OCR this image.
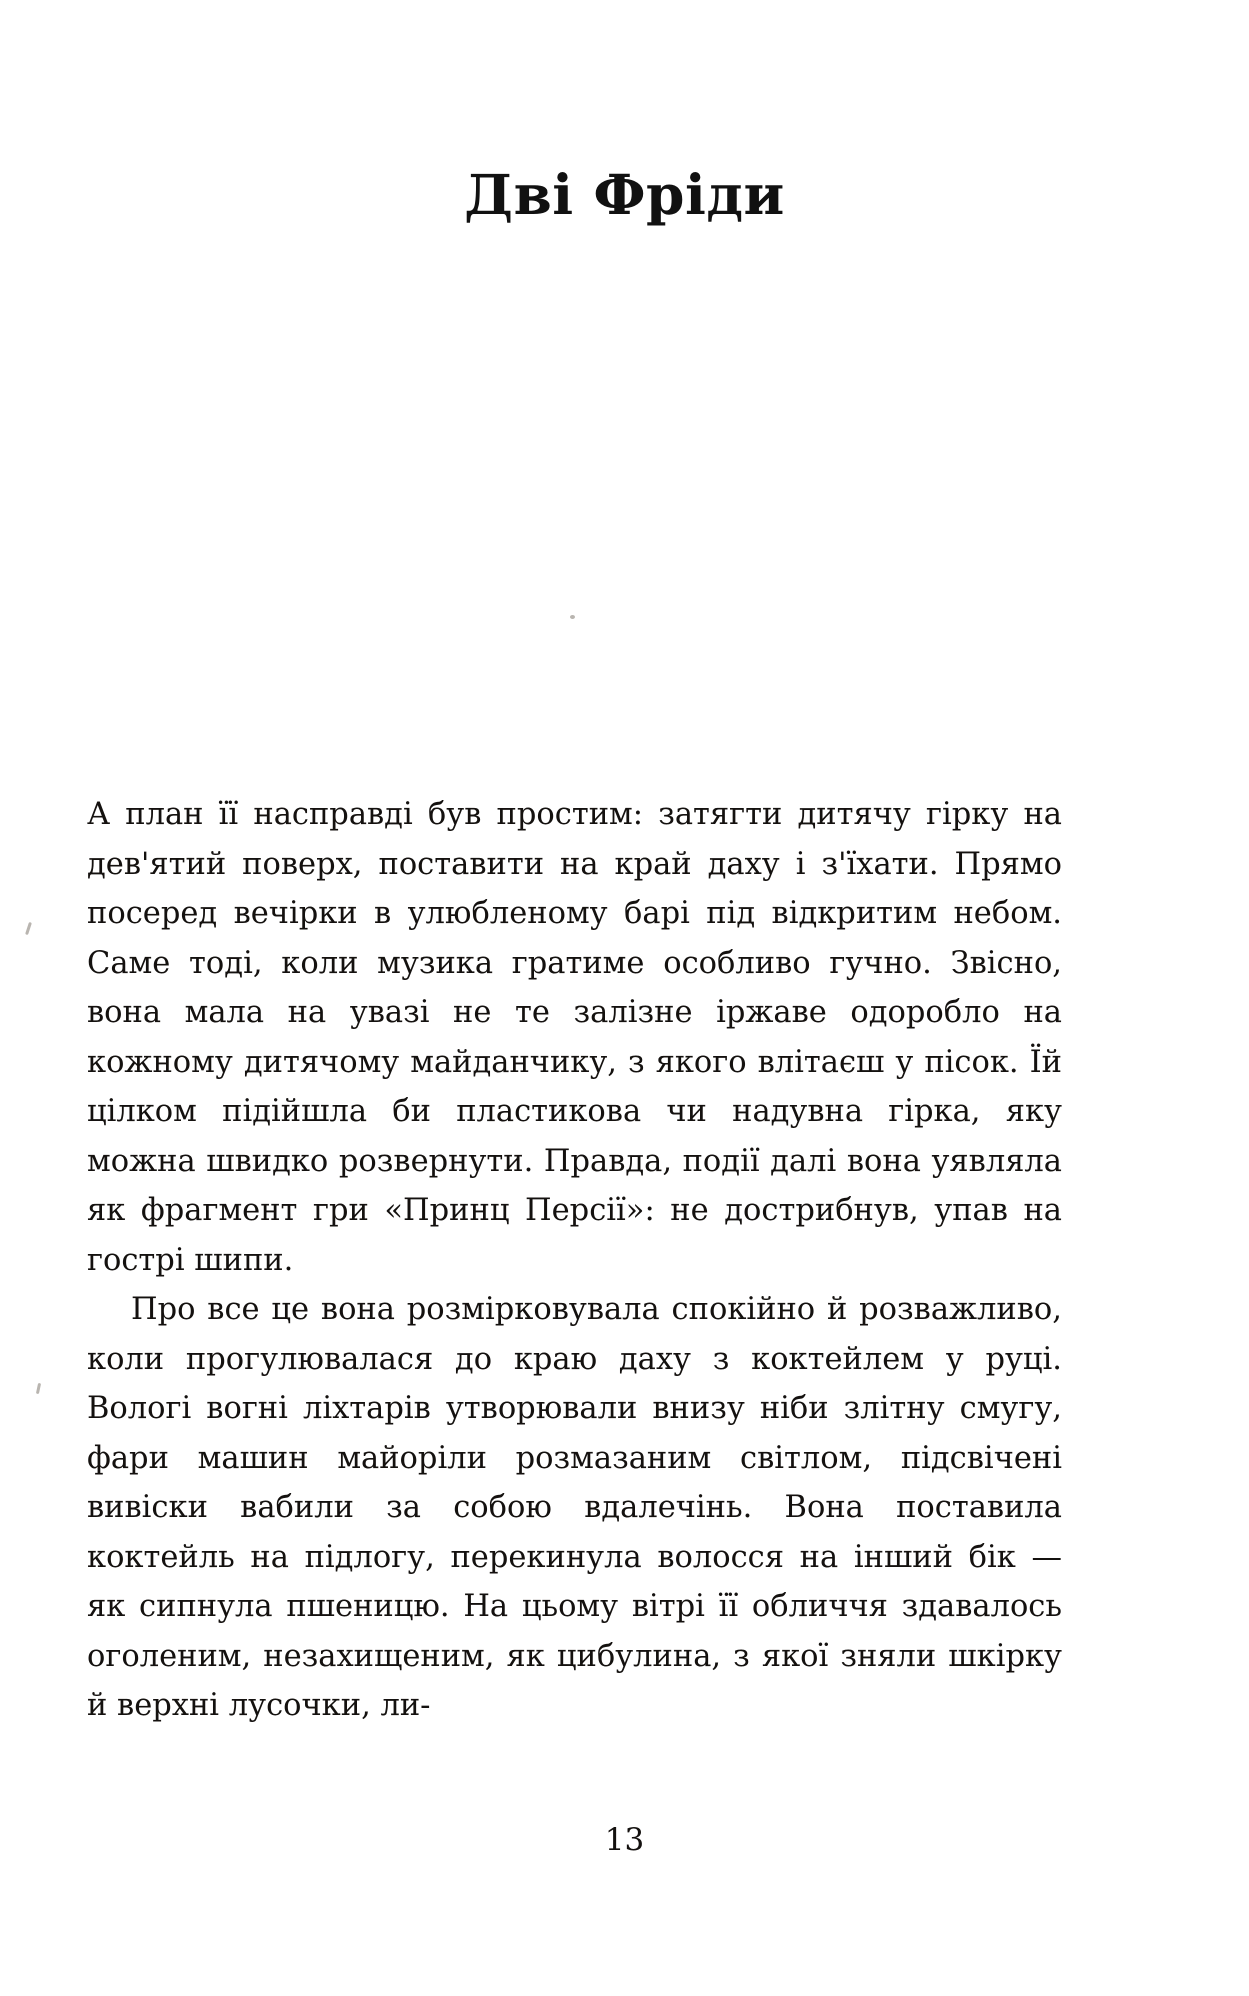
Дві Фріди

А план її насправді був простим: затягти дитячу гірку на дев'ятий поверх, поставити на край даху і з'їхати. Прямо посеред вечірки в улюбленому барі під відкритим небом. Саме тоді, коли музика гратиме особливо гучно. Звісно, вона мала на увазі не те залізне іржаве одоробло на кожному дитячому майданчику, з якого влітаєш у пісок. Їй цілком підійшла би пластикова чи надувна гірка, яку можна швидко розвернути. Правда, події далі вона уявляла як фрагмент гри «Принц Персії»: не дострибнув, упав на гострі шипи.

Про все це вона розмірковувала спокійно й розважливо, коли прогулювалася до краю даху з коктейлем у руці. Вологі вогні ліхтарів утворювали внизу ніби злітну смугу, фари машин майоріли розмазаним світлом, підсвічені вивіски вабили за собою вдалечінь. Вона поставила коктейль на підлогу, перекинула волосся на інший бік — як сипнула пшеницю. На цьому вітрі її обличчя здавалось оголеним, незахищеним, як цибулина, з якої зняли шкірку й верхні лусочки, ли-

13
